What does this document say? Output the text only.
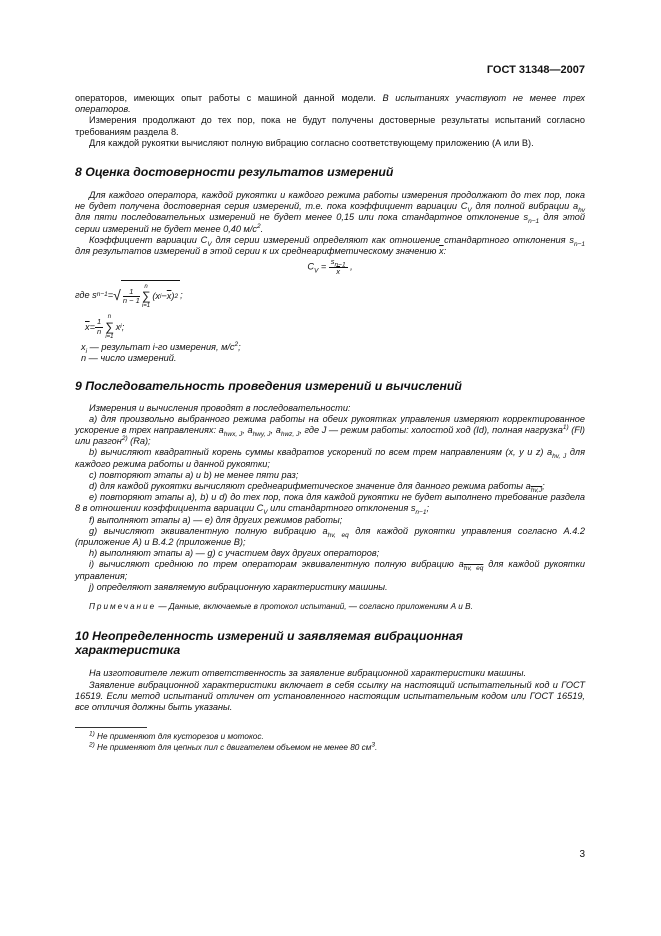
ГОСТ 31348—2007

операторов, имеющих опыт работы с машиной данной модели. В испытаниях участвуют не менее трех операторов.

Измерения продолжают до тех пор, пока не будут получены достоверные результаты испытаний согласно требованиям раздела 8.

Для каждой рукоятки вычисляют полную вибрацию согласно соответствующему приложению (А или В).

8 Оценка достоверности результатов измерений

Для каждого оператора, каждой рукоятки и каждого режима работы измерения продолжают до тех пор, пока не будет получена достоверная серия измерений, т.е. пока коэффициент вариации $C_V$ для полной вибрации $a_{hv}$ для пяти последовательных измерений не будет менее 0,15 или пока стандартное отклонение $s_{n-1}$ для этой серии измерений не будет менее 0,40 $м/с^2$.

Коэффициент вариации $C_V$ для серии измерений определяют как отношение стандартного отклонения $s_{n-1}$ для результатов измерений в этой серии к их среднеарифметическому значению $\overline{x}$:

$C_V = \frac{s_{n-1}}{x}$ ,
где s n−1 = √ $\frac{1}{n - 1}$
n
∑
i=1
(x $i - \overline{x}$ ) 2 ;
$\overline{x} = \frac{1}{n}$
n
∑
i=1
x i ;

$x_i$ — результат i-го измерения, $м/с^2$;

n — число измерений.

9 Последовательность проведения измерений и вычислений

Измерения и вычисления проводят в последовательности:

a) для произвольно выбранного режима работы на обеих рукоятках управления измеряют корректированное ускорение в трех направлениях: $a_{hwx, J}$, $a_{hwy, J}$, $a_{hwz, J}$, где J — режим работы: холостой ход (Id), полная нагрузка$^{1)}$ (Fl) или разгон$^{2)}$ (Ra);

b) вычисляют квадратный корень суммы квадратов ускорений по всем трем направлениям (x, y и z) $a_{hv, J}$ для каждого режима работы и данной рукоятки;

c) повторяют этапы a) и b) не менее пяти раз;

d) для каждой рукоятки вычисляют среднеарифметическое значение для данного режима работы $a_{hv,J}$;

e) повторяют этапы a), b) и d) до тех пор, пока для каждой рукоятки не будет выполнено требование раздела 8 в отношении коэффициента вариации $C_V$ или стандартного отклонения $s_{n-1}$;

f) выполняют этапы a) — e) для других режимов работы;

g) вычисляют эквивалентную полную вибрацию $a_{hv, eq}$ для каждой рукоятки управления согласно А.4.2 (приложение А) и В.4.2 (приложение В);

h) выполняют этапы a) — g) с участием двух других операторов;

i) вычисляют среднюю по трем операторам эквивалентную полную вибрацию $a_{hv, eq}$ для каждой рукоятки управления;

j) определяют заявляемую вибрационную характеристику машины.

Примечание — Данные, включаемые в протокол испытаний, — согласно приложениям А и В.

10 Неопределенность измерений и заявляемая вибрационная
характеристика

На изготовителе лежит ответственность за заявление вибрационной характеристики машины.

Заявление вибрационной характеристики включает в себя ссылку на настоящий испытательный код и ГОСТ 16519. Если метод испытаний отличен от установленного настоящим испытательным кодом или ГОСТ 16519, все отличия должны быть указаны.

$^{1)}$ Не применяют для кусторезов и мотокос.

$^{2)}$ Не применяют для цепных пил с двигателем объемом не менее 80 $см^3$.

3
